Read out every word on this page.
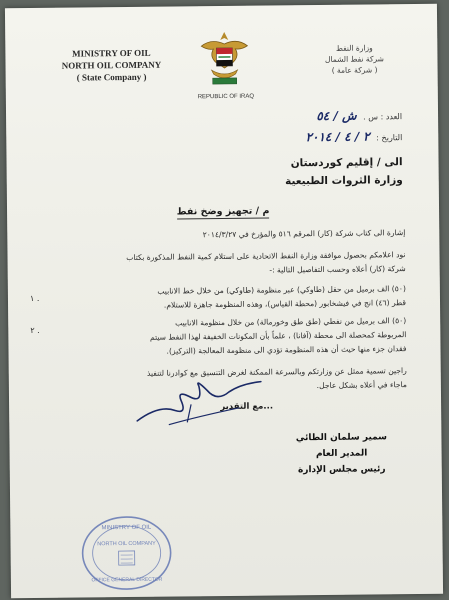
MINISTRY OF OIL
NORTH OIL COMPANY
( State Company )
REPUBLIC OF IRAQ
وزارة النفط
شركة نفط الشمال
( شركة عامة )
العدد : س . ش / ٥٤
التاريخ : ٢ / ٤ / ٢٠١٤
الى / إقليم كوردستان
وزارة الثروات الطبيعية
م / تجهيز وضخ نفط
إشارة الى كتاب شركة (كار) المرقم ٥١٦ والمؤرخ في ٢٠١٤/٣/٢٧
نود اعلامكم بحصول موافقة وزارة النفط الاتحادية على استلام كمية النفط المذكورة بكتاب
شركة (كار) أعلاه وحسب التفاصيل التالية :-
١ .
(٥٠) الف برميل من حقل (طاوكي) عبر منظومة (طاوكي) من خلال خط الانابيب
قطر (٤٦) انج في فيشخابور (محطة القياس)، وهذه المنظومة جاهزة للاستلام.
٢ .
(٥٠) الف برميل من نفطي (طق طق وخورمالة) من خلال منظومة الانابيب
المربوطة كمحصلة الى محطة (آفانا) ، علماً بأن المكونات الخفيفة لهذا النفط سيتم
فقدان جزء منها حيث أن هذه المنظومة تؤدي الى منظومة المعالجة (التركيز).
راجين تسمية ممثل عن وزارتكم وبالسرعة الممكنة لغرض التنسيق مع كوادرنا لتنفيذ
ماجاء في أعلاه بشكل عاجل.
...مع التقدير
سمير سلمان الطائي
المدير العام
رئيس مجلس الإدارة
MINISTRY OF OIL
NORTH OIL COMPANY
OFFICE GENERAL DIRECTOR
